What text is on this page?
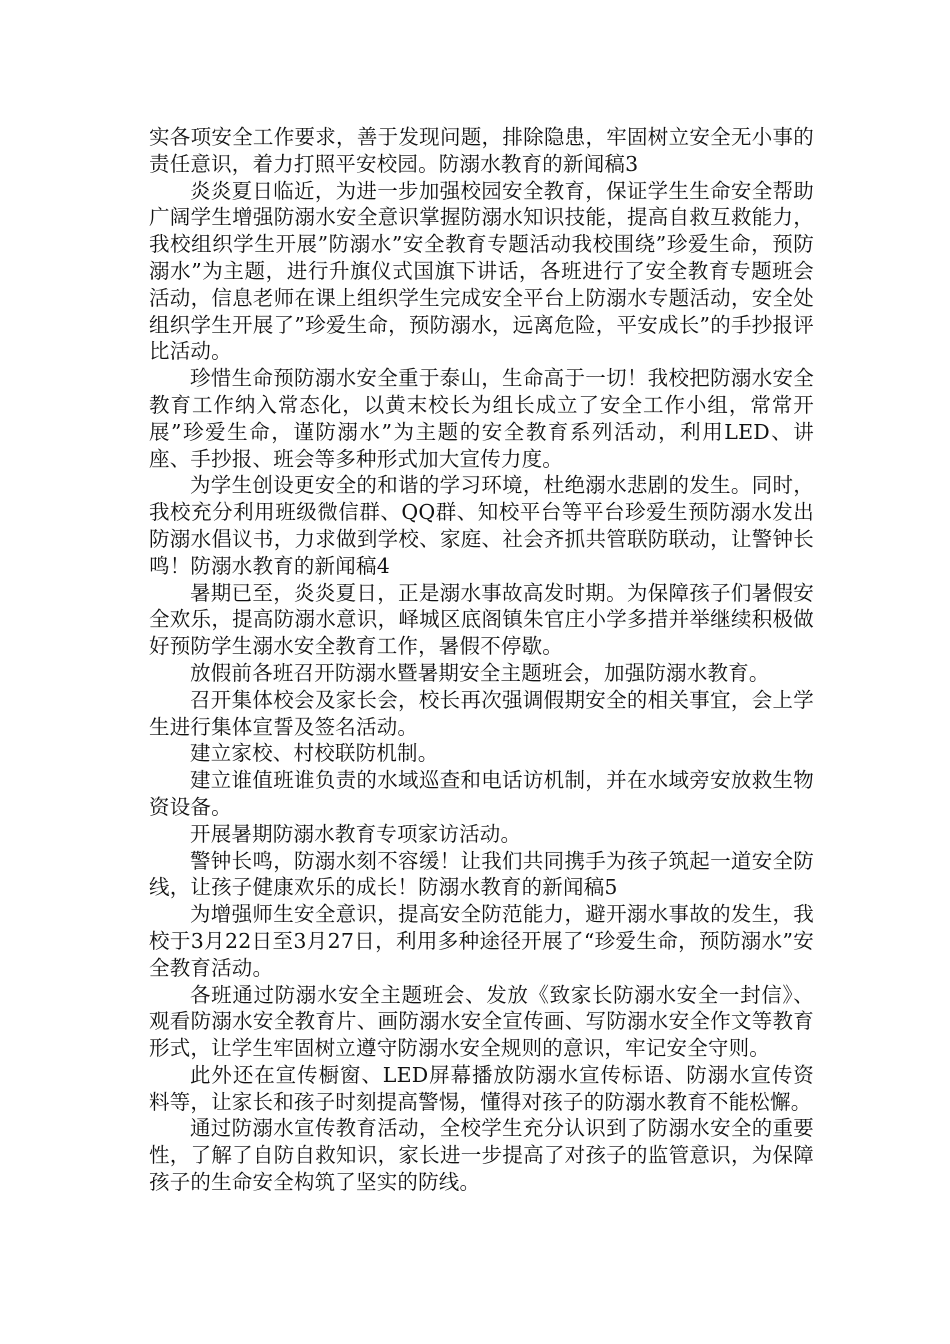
实各项安全工作要求，善于发现问题，排除隐患，牢固树立安全无小事的责任意识，着力打照平安校园。防溺水教育的新闻稿3

炎炎夏日临近，为进一步加强校园安全教育，保证学生生命安全帮助广阔学生增强防溺水安全意识掌握防溺水知识技能，提高自救互救能力，我校组织学生开展”防溺水”安全教育专题活动我校围绕”珍爱生命，预防溺水”为主题，进行升旗仪式国旗下讲话，各班进行了安全教育专题班会活动，信息老师在课上组织学生完成安全平台上防溺水专题活动，安全处组织学生开展了”珍爱生命，预防溺水，远离危险，平安成长”的手抄报评比活动。

珍惜生命预防溺水安全重于泰山，生命高于一切！我校把防溺水安全教育工作纳入常态化，以黄末校长为组长成立了安全工作小组，常常开展”珍爱生命，谨防溺水”为主题的安全教育系列活动，利用LED、讲座、手抄报、班会等多种形式加大宣传力度。

为学生创设更安全的和谐的学习环境，杜绝溺水悲剧的发生。同时，我校充分利用班级微信群、QQ群、知校平台等平台珍爱生预防溺水发出防溺水倡议书，力求做到学校、家庭、社会齐抓共管联防联动，让警钟长鸣！防溺水教育的新闻稿4

暑期已至，炎炎夏日，正是溺水事故高发时期。为保障孩子们暑假安全欢乐，提高防溺水意识，峄城区底阁镇朱官庄小学多措并举继续积极做好预防学生溺水安全教育工作，暑假不停歇。

放假前各班召开防溺水暨暑期安全主题班会，加强防溺水教育。

召开集体校会及家长会，校长再次强调假期安全的相关事宜，会上学生进行集体宣誓及签名活动。

建立家校、村校联防机制。

建立谁值班谁负责的水域巡查和电话访机制，并在水域旁安放救生物资设备。

开展暑期防溺水教育专项家访活动。

警钟长鸣，防溺水刻不容缓！让我们共同携手为孩子筑起一道安全防线，让孩子健康欢乐的成长！防溺水教育的新闻稿5

为增强师生安全意识，提高安全防范能力，避开溺水事故的发生，我校于3月22日至3月27日，利用多种途径开展了“珍爱生命，预防溺水”安全教育活动。

各班通过防溺水安全主题班会、发放《致家长防溺水安全一封信》、观看防溺水安全教育片、画防溺水安全宣传画、写防溺水安全作文等教育形式，让学生牢固树立遵守防溺水安全规则的意识，牢记安全守则。

此外还在宣传橱窗、LED屏幕播放防溺水宣传标语、防溺水宣传资料等，让家长和孩子时刻提高警惕，懂得对孩子的防溺水教育不能松懈。

通过防溺水宣传教育活动，全校学生充分认识到了防溺水安全的重要性，了解了自防自救知识，家长进一步提高了对孩子的监管意识，为保障孩子的生命安全构筑了坚实的防线。
